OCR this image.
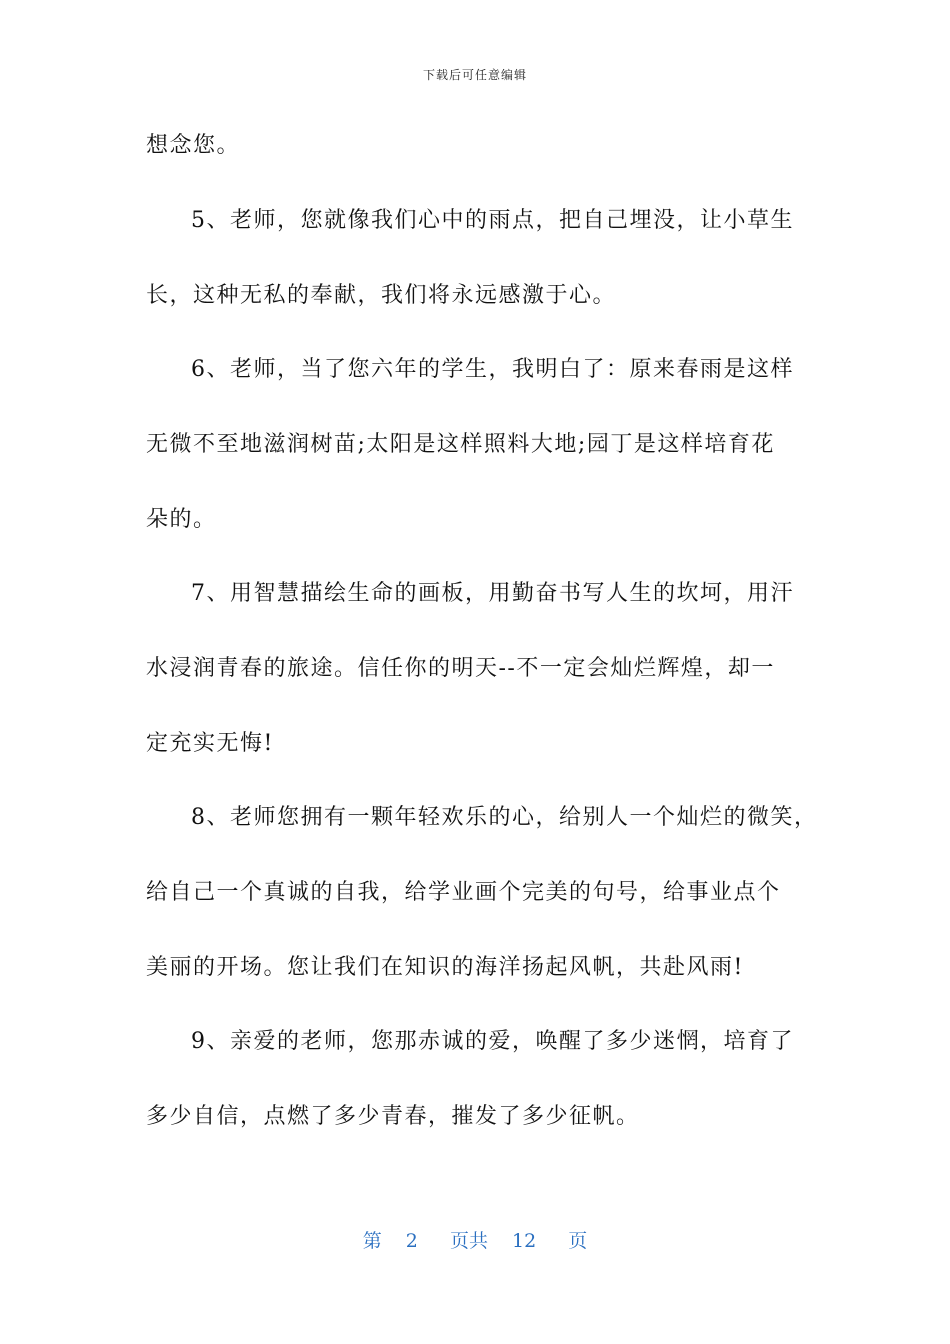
下载后可任意编辑
想念您。
5、老师，您就像我们心中的雨点，把自己埋没，让小草生
长，这种无私的奉献，我们将永远感激于心。
6、老师，当了您六年的学生，我明白了：原来春雨是这样
无微不至地滋润树苗;太阳是这样照料大地;园丁是这样培育花
朵的。
7、用智慧描绘生命的画板，用勤奋书写人生的坎坷，用汗
水浸润青春的旅途。信任你的明天--不一定会灿烂辉煌，却一
定充实无悔!
8、老师您拥有一颗年轻欢乐的心，给别人一个灿烂的微笑，
给自己一个真诚的自我，给学业画个完美的句号，给事业点个
美丽的开场。您让我们在知识的海洋扬起风帆，共赴风雨!
9、亲爱的老师，您那赤诚的爱，唤醒了多少迷惘，培育了
多少自信，点燃了多少青春，摧发了多少征帆。
第 2 页共 12 页
